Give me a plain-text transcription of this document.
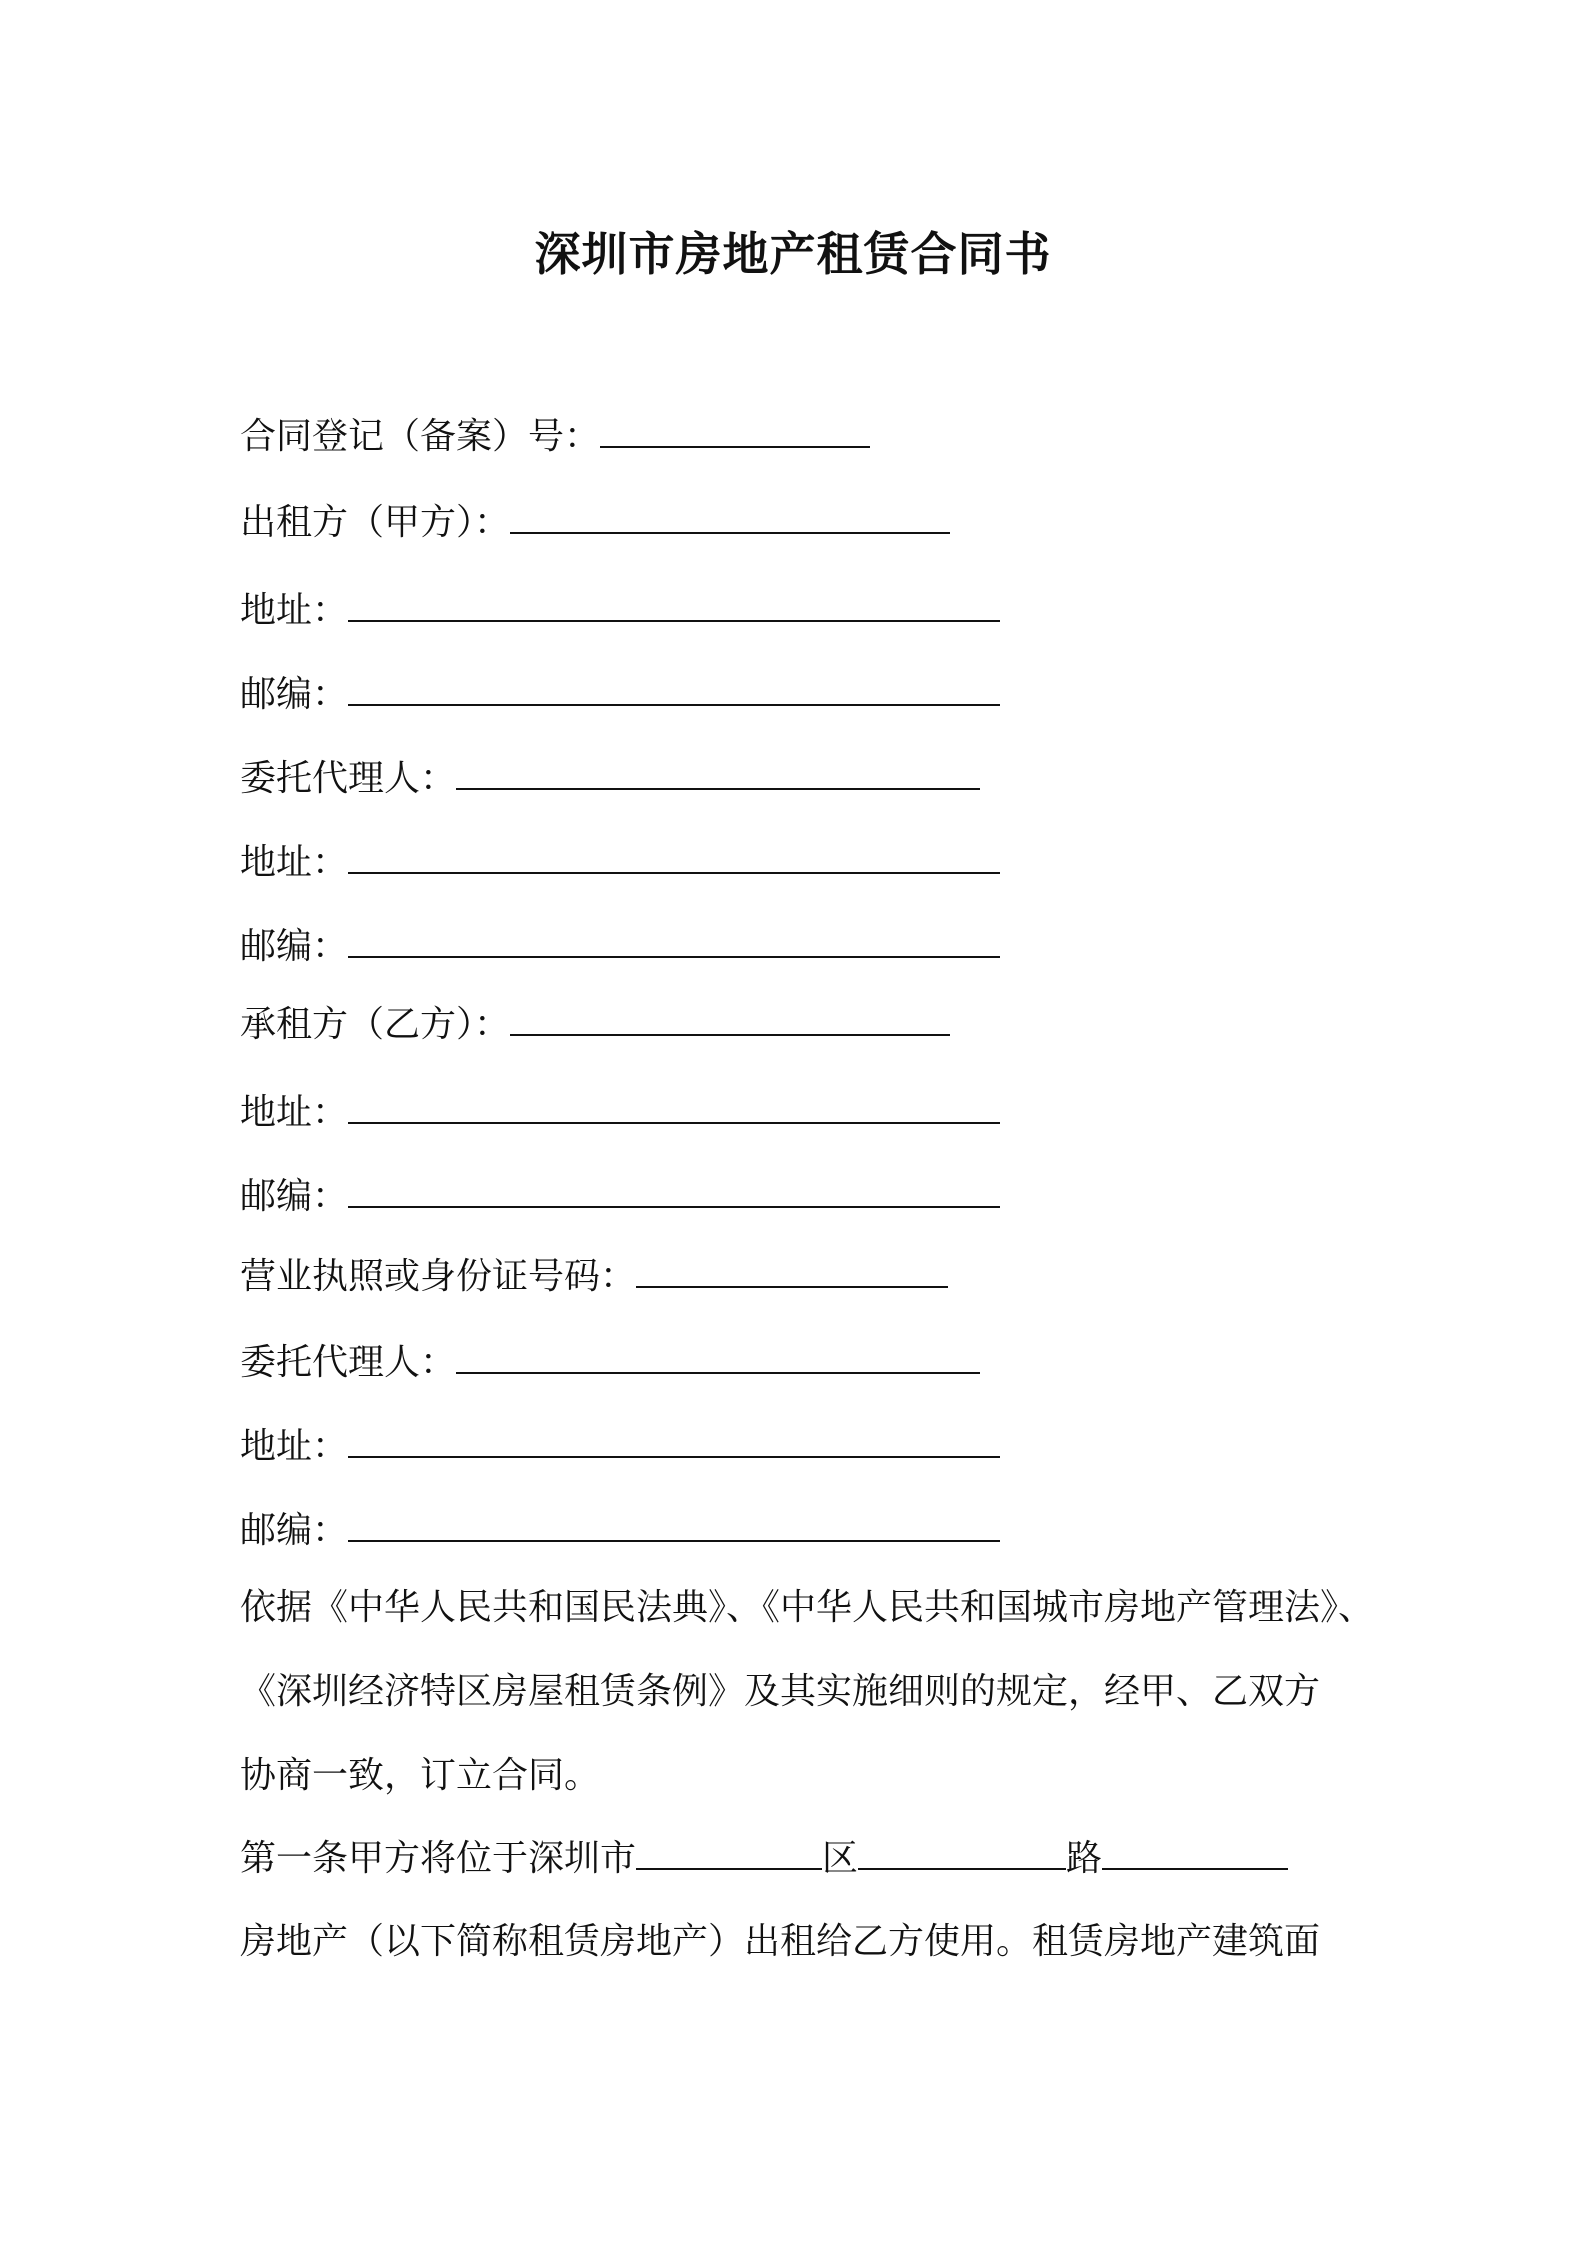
深圳市房地产租赁合同书
合同登记（备案）号：
出租方（甲方）：
地址：
邮编：
委托代理人：
地址：
邮编：
承租方（乙方）：
地址：
邮编：
营业执照或身份证号码：
委托代理人：
地址：
邮编：
依据《中华人民共和国民法典》、《中华人民共和国城市房地产管理法》、
《深圳经济特区房屋租赁条例》及其实施细则的规定，经甲、乙双方
协商一致，订立合同。
第一条甲方将位于深圳市	区	路
房地产（以下简称租赁房地产）出租给乙方使用。租赁房地产建筑面
